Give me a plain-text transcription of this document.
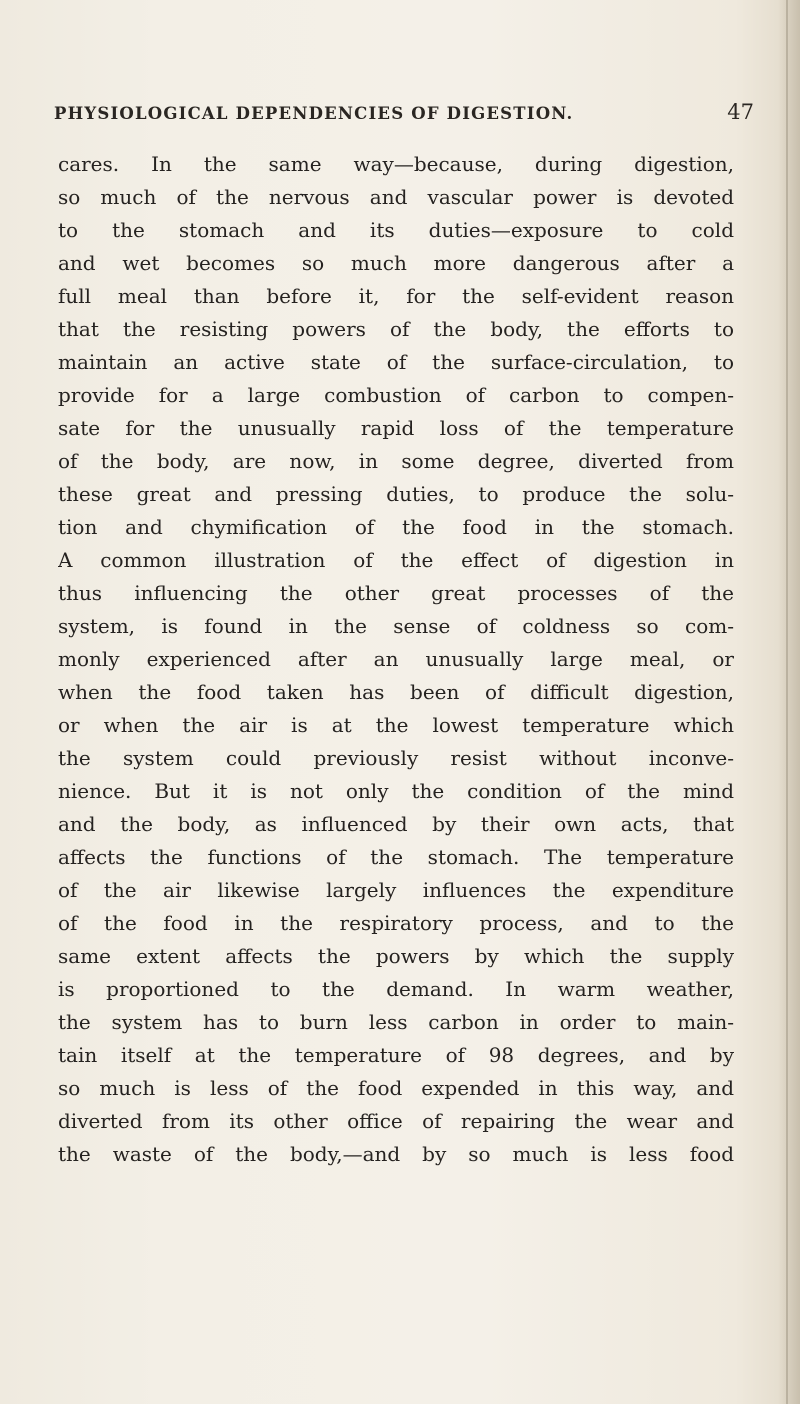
PHYSIOLOGICAL DEPENDENCIES OF DIGESTION.	47
cares. In the same way—because, during digestion,
so much of the nervous and vascular power is devoted
to the stomach and its duties—exposure to cold
and wet becomes so much more dangerous after a
full meal than before it, for the self-evident reason
that the resisting powers of the body, the efforts to
maintain an active state of the surface-circulation, to
provide for a large combustion of carbon to compen-
sate for the unusually rapid loss of the temperature
of the body, are now, in some degree, diverted from
these great and pressing duties, to produce the solu-
tion and chymification of the food in the stomach.
A common illustration of the effect of digestion in
thus influencing the other great processes of the
system, is found in the sense of coldness so com-
monly experienced after an unusually large meal, or
when the food taken has been of difficult digestion,
or when the air is at the lowest temperature which
the system could previously resist without inconve-
nience. But it is not only the condition of the mind
and the body, as influenced by their own acts, that
affects the functions of the stomach. The temperature
of the air likewise largely influences the expenditure
of the food in the respiratory process, and to the
same extent affects the powers by which the supply
is proportioned to the demand. In warm weather,
the system has to burn less carbon in order to main-
tain itself at the temperature of 98 degrees, and by
so much is less of the food expended in this way, and
diverted from its other office of repairing the wear and
the waste of the body,—and by so much is less food
